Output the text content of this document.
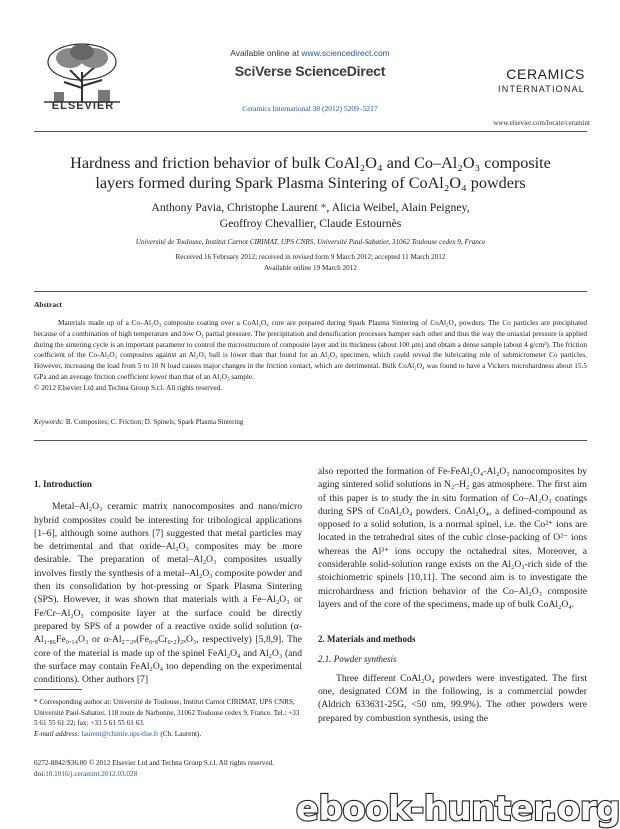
ELSEVIER
Available online at www.sciencedirect.com
SciVerse ScienceDirect
Ceramics International 38 (2012) 5209–5217
CERAMICS
INTERNATIONAL
www.elsevier.com/locate/ceramint
Hardness and friction behavior of bulk CoAl₂O₄ and Co–Al₂O₃ composite
layers formed during Spark Plasma Sintering of CoAl₂O₄ powders
Anthony Pavia, Christophe Laurent *, Alicia Weibel, Alain Peigney,
Geoffroy Chevallier, Claude Estournès
Université de Toulouse, Institut Carnot CIRIMAT, UPS CNRS, Université Paul-Sabatier, 31062 Toulouse cedex 9, France
Received 16 February 2012; received in revised form 9 March 2012; accepted 11 March 2012
Available online 19 March 2012
Abstract
Materials made up of a Co–Al₂O₃ composite coating over a CoAl₂O₄ core are prepared during Spark Plasma Sintering of CoAl₂O₄ powders. The Co particles are precipitated because of a combination of high temperature and low O₂ partial pressure. The precipitation and densification processes hamper each other and thus the way the uniaxial pressure is applied during the sintering cycle is an important parameter to control the microstructure of composite layer and its thickness (about 100 μm) and obtain a dense sample (about 4 g/cm³). The friction coefficient of the Co-Al₂O₃ composites against an Al₂O₃ ball is lower than that found for an Al₂O₃ specimen, which could reveal the lubricating role of submicrometer Co particles. However, increasing the load from 5 to 10 N load causes major changes in the friction contact, which are detrimental. Bulk CoAl₂O₄ was found to have a Vickers microhardness about 15.5 GPa and an average friction coefficient lower than that of an Al₂O₃ sample.
© 2012 Elsevier Ltd and Techna Group S.r.l. All rights reserved.
Keywords: B. Composites; C. Friction; D. Spinels; Spark Plasma Sintering
1. Introduction
Metal–Al₂O₃ ceramic matrix nanocomposites and nano/micro hybrid composites could be interesting for tribological applications [1–6], although some authors [7] suggested that metal particles may be detrimental and that oxide–Al₂O₃ composites may be more desirable. The preparation of metal–Al₂O₃ composites usually involves firstly the synthesis of a metal–Al₂O₃ composite powder and then its consolidation by hot-pressing or Spark Plasma Sintering (SPS). However, it was shown that materials with a Fe–Al₂O₃ or Fe/Cr–Al₂O₃ composite layer at the surface could be directly prepared by SPS of a powder of a reactive oxide solid solution (α-Al₁.₈₆Fe₀.₁₄O₃ or α-Al₂₋₂ₓ(Fe₀.₈Cr₀.₂)₂ₓO₃, respectively) [5,8,9]. The core of the material is made up of the spinel FeAl₂O₄ and Al₂O₃ (and the surface may contain FeAl₂O₄ too depending on the experimental conditions). Other authors [7]
also reported the formation of Fe-FeAl₂O₄-Al₂O₃ nanocomposites by aging sintered solid solutions in N₂–H₂ gas atmosphere. The first aim of this paper is to study the in situ formation of Co–Al₂O₃ coatings during SPS of CoAl₂O₄ powders. CoAl₂O₄, a defined-compound as opposed to a solid solution, is a normal spinel, i.e. the Co²⁺ ions are located in the tetrahedral sites of the cubic close-packing of O²⁻ ions whereas the Al³⁺ ions occupy the octahedral sites. Moreover, a considerable solid-solution range exists on the Al₂O₃-rich side of the stoichiometric spinels [10,11]. The second aim is to investigate the microhardness and friction behavior of the Co–Al₂O₃ composite layers and of the core of the specimens, made up of bulk CoAl₂O₄.
2. Materials and methods
2.1. Powder synthesis
Three different CoAl₂O₄ powders were investigated. The first one, designated COM in the following, is a commercial powder (Aldrich 633631-25G, <50 nm, 99.9%). The other powders were prepared by combustion synthesis, using the
* Corresponding author at: Université de Toulouse, Institut Carnot CIRIMAT, UPS CNRS, Université Paul-Sabatier, 118 route de Narbonne, 31062 Toulouse cedex 9, France. Tel.: +33 5 61 55 61 22; fax: +33 5 61 55 61 63.
E-mail address: laurent@chimie.ups-tlse.fr (Ch. Laurent).
0272-8842/$36.00 © 2012 Elsevier Ltd and Techna Group S.r.l. All rights reserved.
doi:10.1016/j.ceramint.2012.03.028
ebook-hunter.org
